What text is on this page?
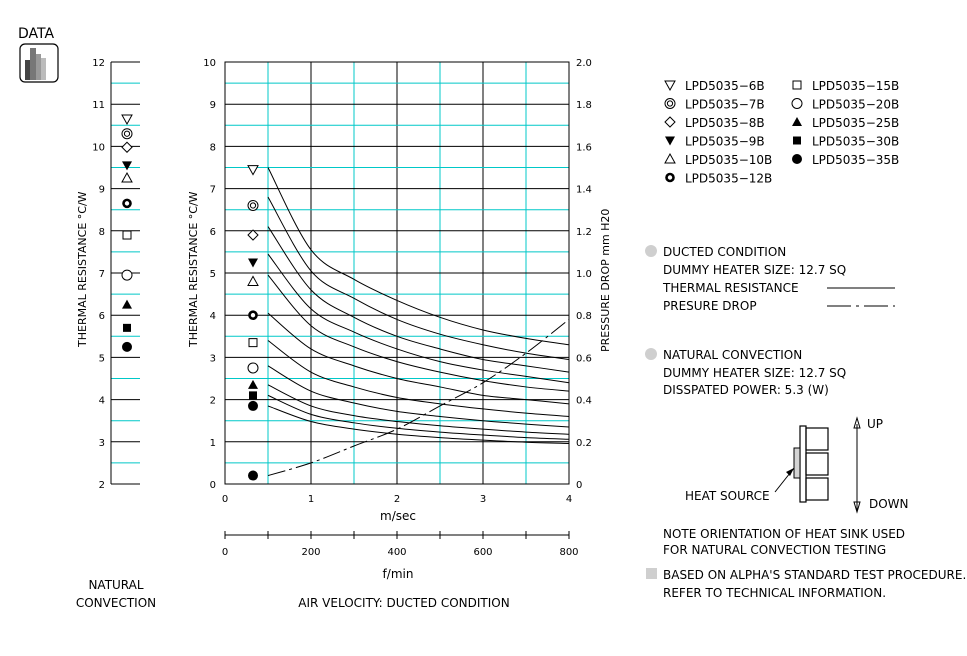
DATA
2
3
4
5
6
7
8
9
10
11
12
THERMAL RESISTANCE °C/W
NATURAL
CONVECTION
0
1
2
3
4
5
6
7
8
9
10
0
0.2
0.4
0.6
0.8
1.0
1.2
1.4
1.6
1.8
2.0
0	1	2	3	4
0	200	400	600	800
THERMAL RESISTANCE °C/W	PRESSURE DROP mm H20
m/sec
f/min
AIR VELOCITY: DUCTED CONDITION
LPD5035−6B
LPD5035−7B
LPD5035−8B
LPD5035−9B
LPD5035−10B
LPD5035−12B
LPD5035−15B
LPD5035−20B
LPD5035−25B
LPD5035−30B
LPD5035−35B
DUCTED CONDITION
DUMMY HEATER SIZE: 12.7 SQ
THERMAL RESISTANCE
PRESURE DROP
NATURAL CONVECTION
DUMMY HEATER SIZE: 12.7 SQ
DISSPATED POWER: 5.3 (W)
UP
DOWN
HEAT SOURCE
NOTE ORIENTATION OF HEAT SINK USED
FOR NATURAL CONVECTION TESTING
BASED ON ALPHA'S STANDARD TEST PROCEDURE.
REFER TO TECHNICAL INFORMATION.
